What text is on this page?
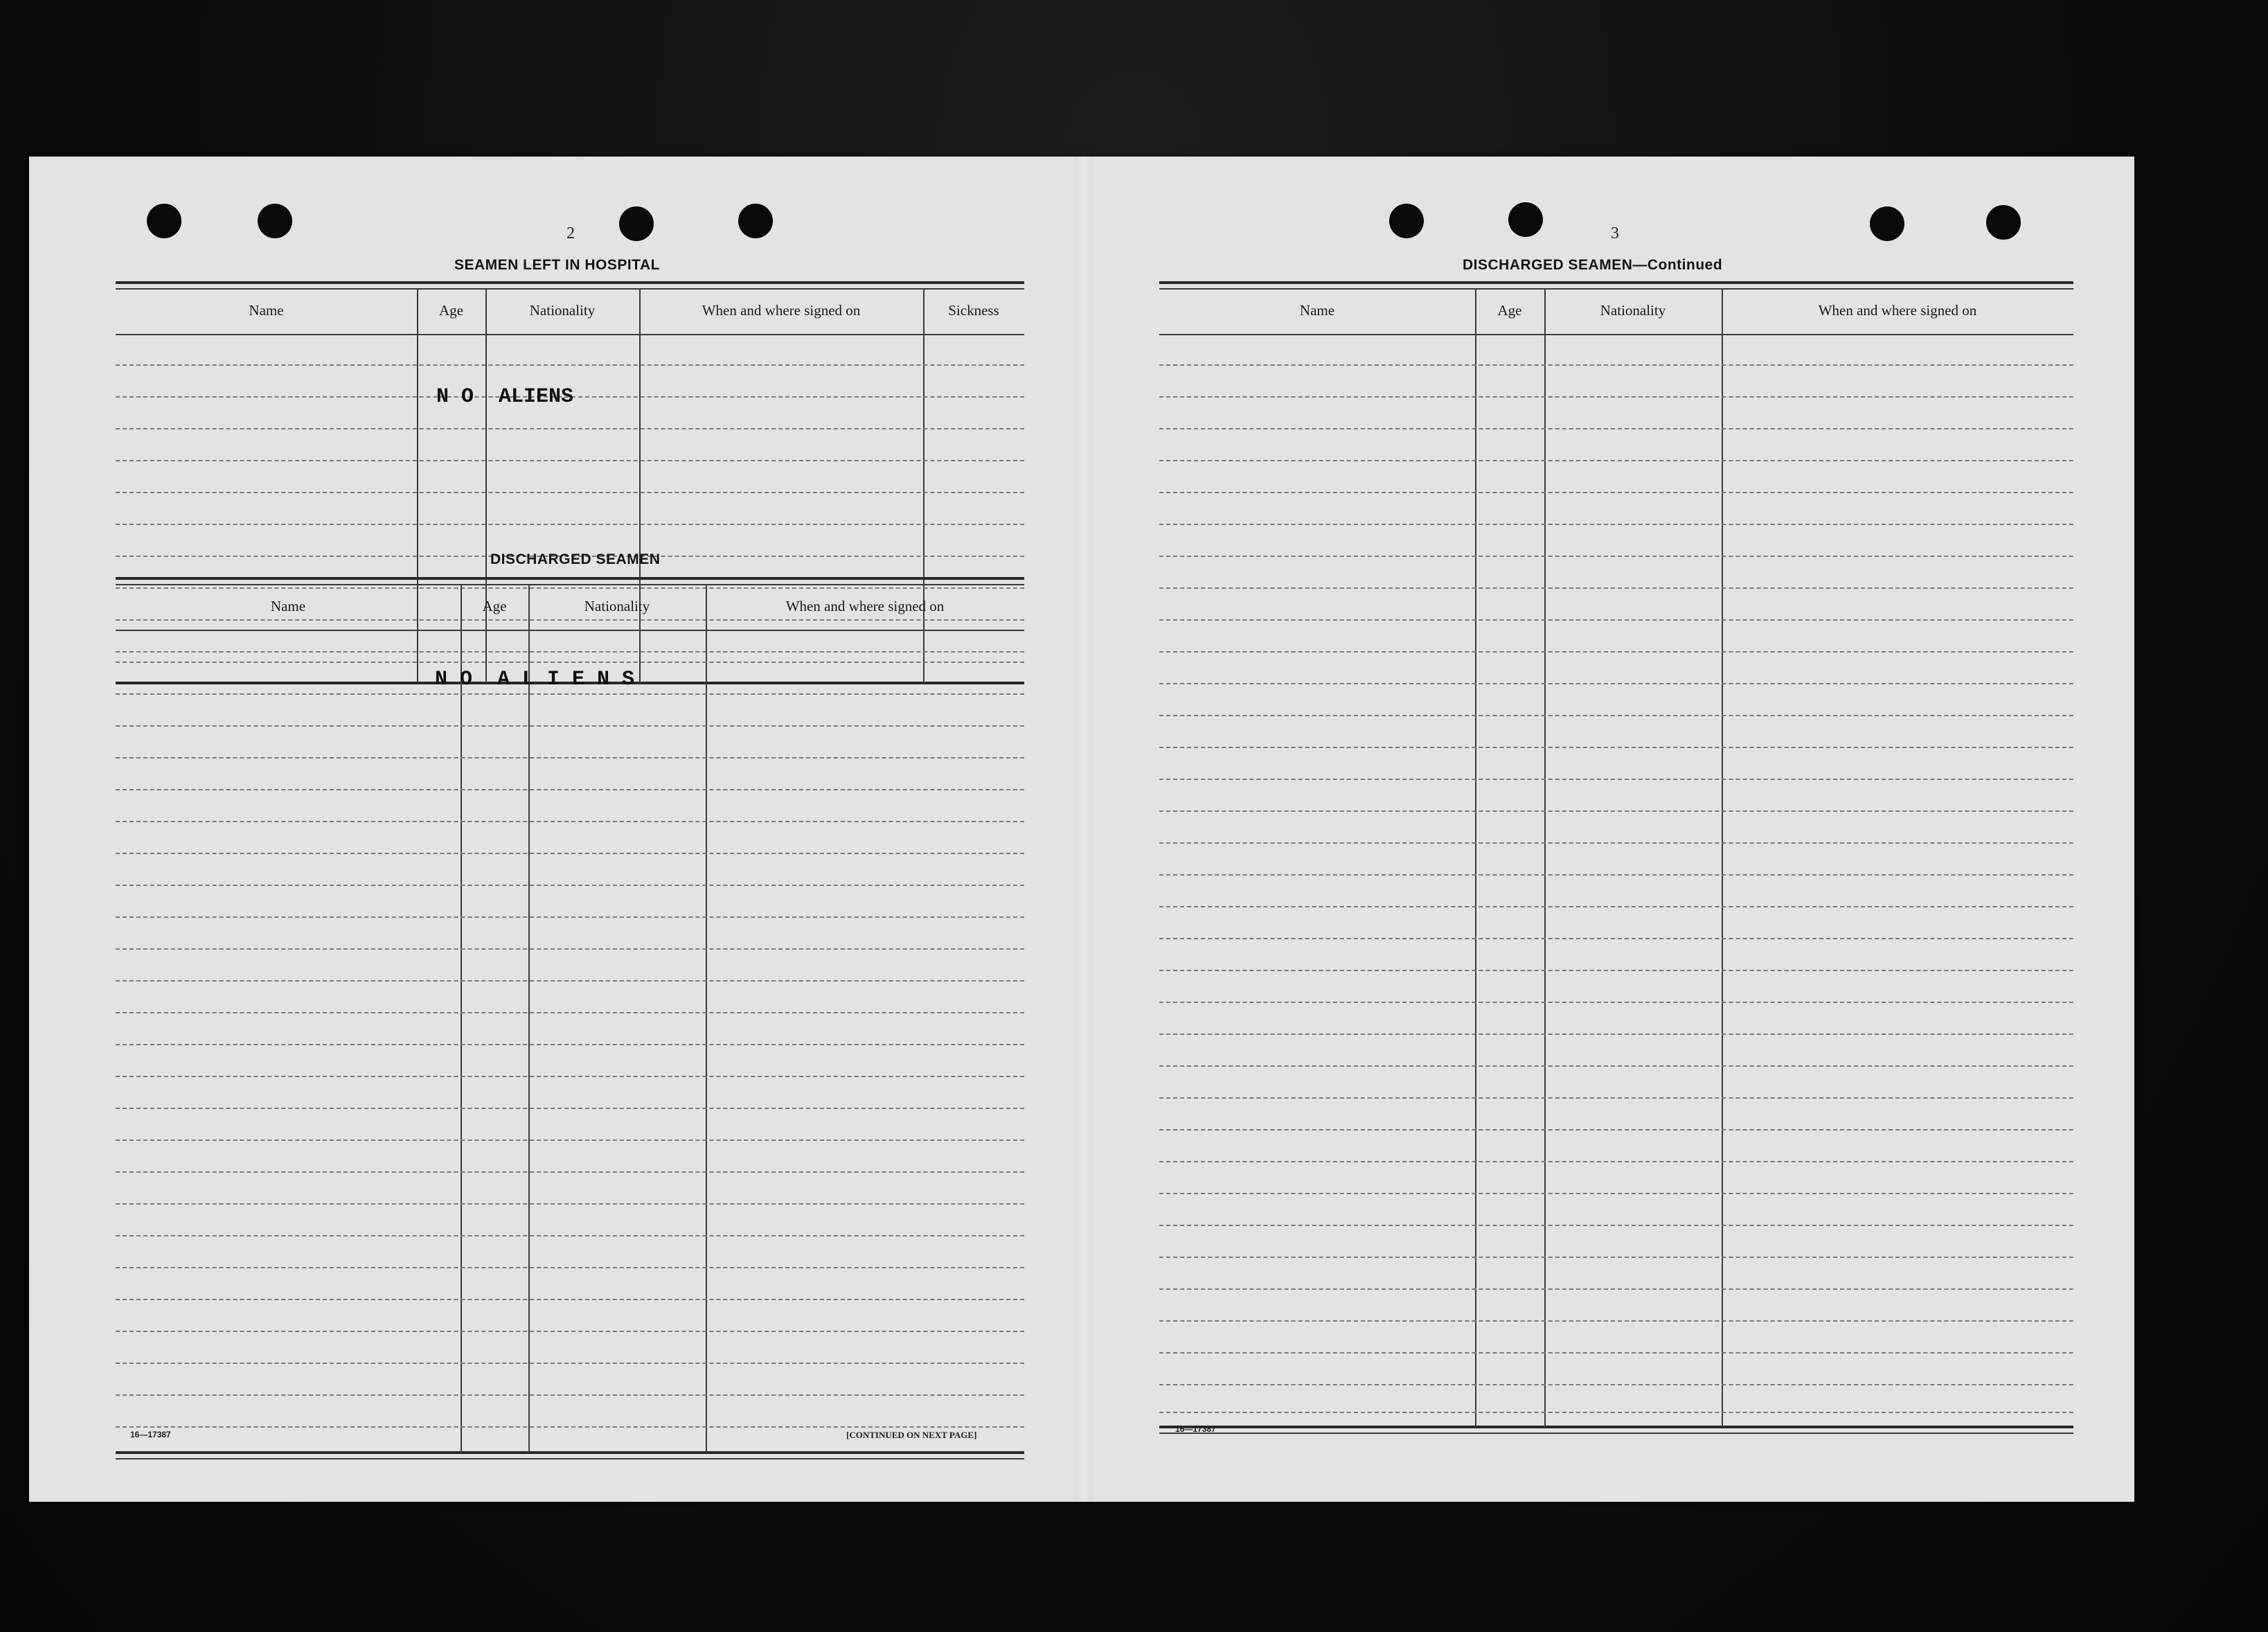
2
SEAMEN LEFT IN HOSPITAL
Name	Age	Nationality	When and where signed on	Sickness
N O  ALIENS
DISCHARGED SEAMEN
Name	Age	Nationality	When and where signed on
N O  A L I E N S
16—17387	[CONTINUED ON NEXT PAGE]
3
DISCHARGED SEAMEN—Continued
Name	Age	Nationality	When and where signed on
16—17387
